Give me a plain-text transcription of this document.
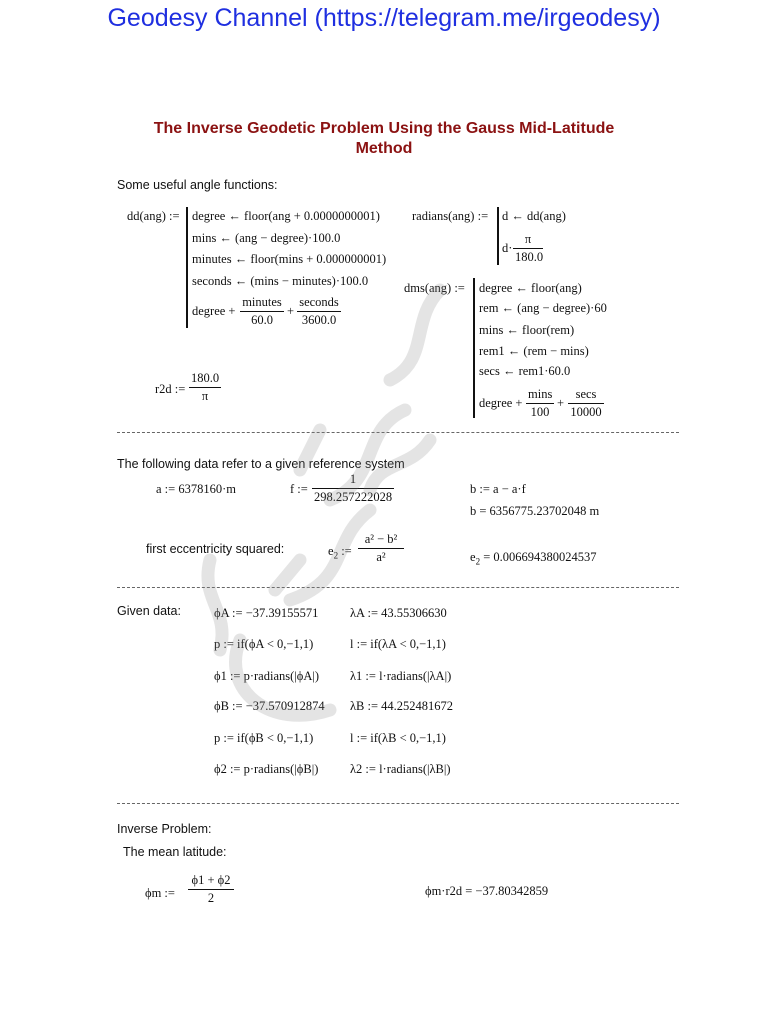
Geodesy Channel (https://telegram.me/irgeodesy)
The Inverse Geodetic Problem Using the Gauss Mid-Latitude
Method
Some useful angle functions:
dd(ang) := degree ← floor(ang + 0.0000000001)
mins ← (ang − degree)·100.0
minutes ← floor(mins + 0.000000001)
seconds ← (mins − minutes)·100.0
degree +
minutes
60.0
+
seconds
3600.0
radians(ang) := d ← dd(ang)
$d\cdot \frac{\pi}{180.0}$
dms(ang) := degree ← floor(ang)
rem ← (ang − degree)·60
mins ← floor(rem)
rem1 ← (rem − mins)
secs ← rem1·60.0
degree +
mins
100
+
secs
10000
r2d := $\frac{180.0}{\pi}$
The following data refer to a given reference system
a := 6378160·m	f := $\frac{1}{298.257222028}$	b := a − a·f
b = 6356775.23702048 m
first eccentricity squared:	$e_2$ := $\frac{\text{a² − b²}}{\text{a²}}$	$e_2 = 0.006694380024537$
Given data:	ϕA := −37.39155571	λA := 43.55306630
p := if(ϕA < 0,−1,1)	l := if(λA < 0,−1,1)
ϕ1 := p·radians(|ϕA|) λ1 := l·radians(|λA|)
ϕB := −37.570912874 λB := 44.252481672
p := if(ϕB < 0,−1,1)	l := if(λB < 0,−1,1)
ϕ2 := p·radians(|ϕB|)	λ2 := l·radians(|λB|)
Inverse Problem:
The mean latitude:
ϕm := $\frac{\phi 1 + \phi 2}{2}$	ϕm·r2d = −37.80342859
